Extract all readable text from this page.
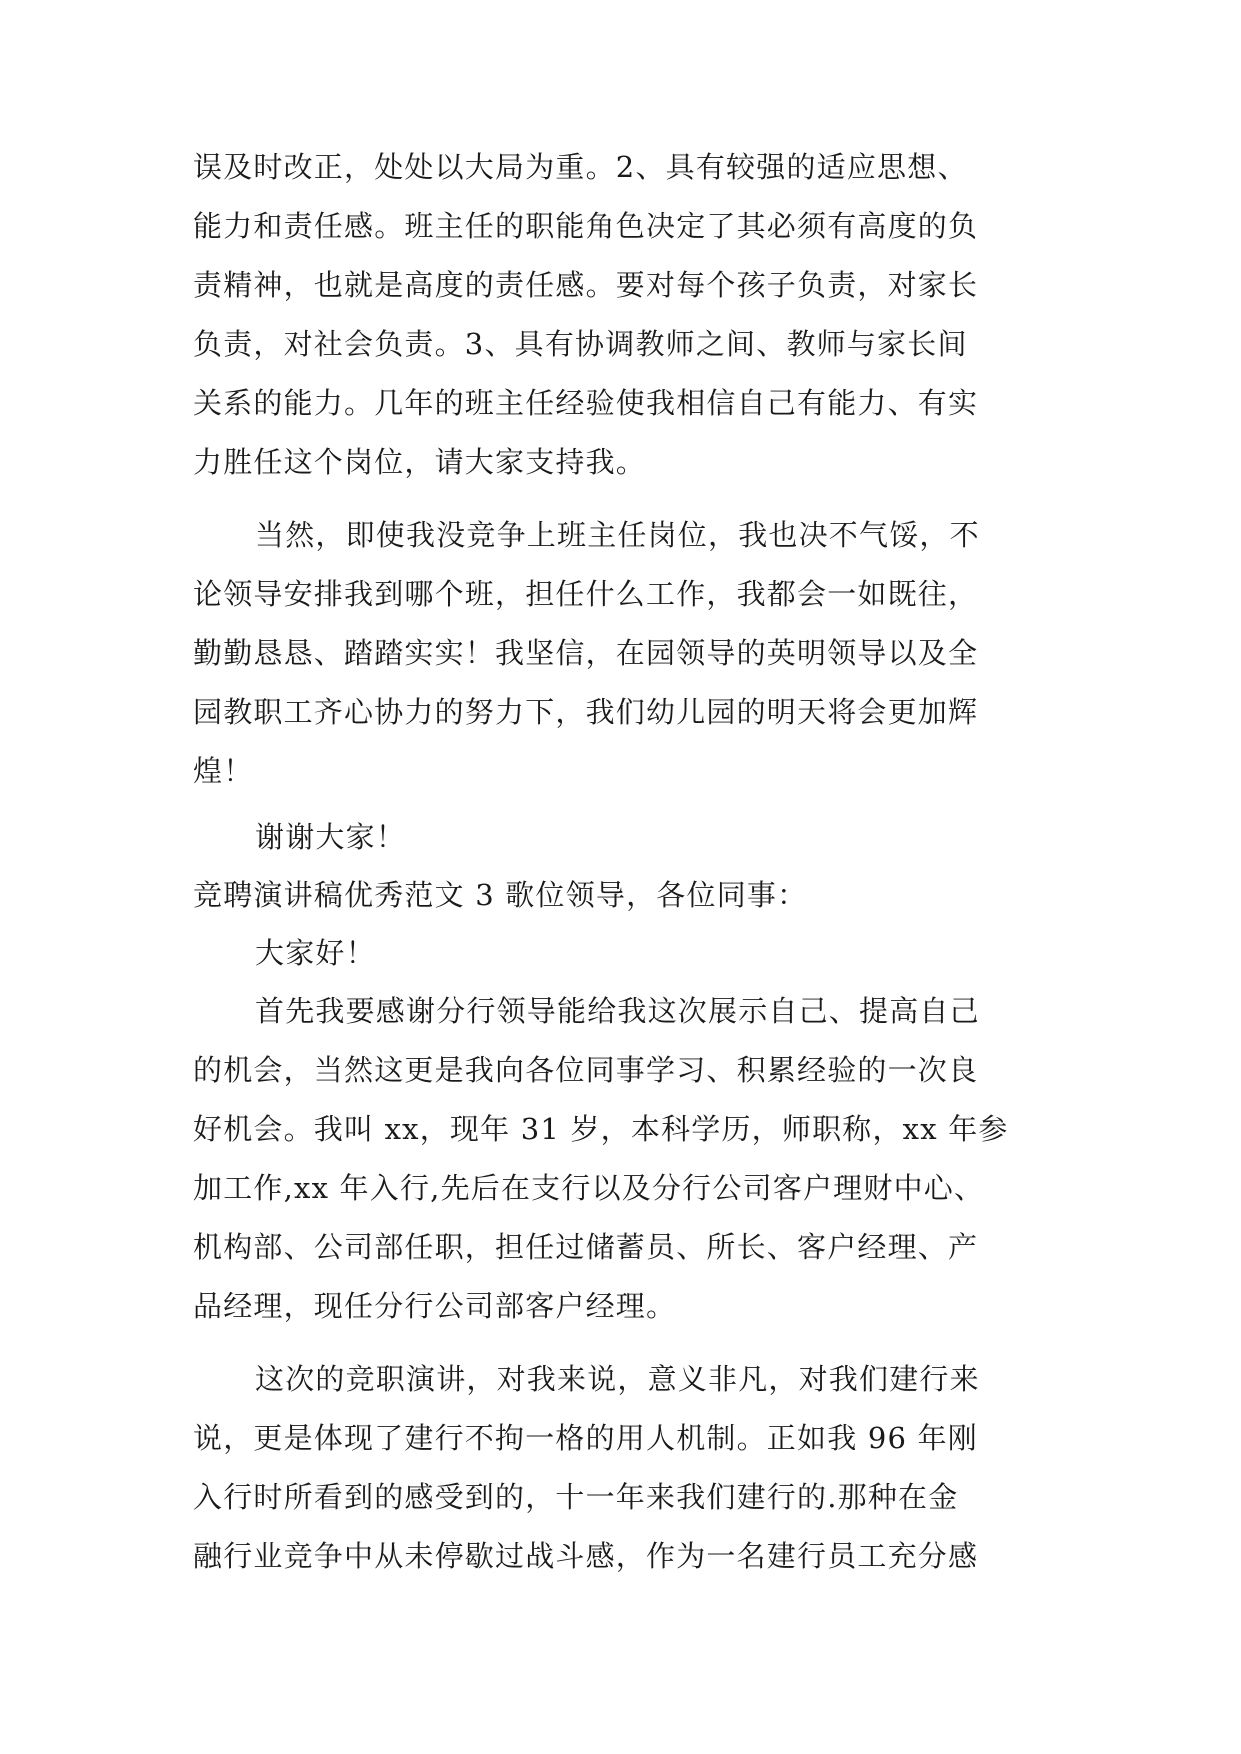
误及时改正，处处以大局为重。2、具有较强的适应思想、
能力和责任感。班主任的职能角色决定了其必须有高度的负
责精神，也就是高度的责任感。要对每个孩子负责，对家长
负责，对社会负责。3、具有协调教师之间、教师与家长间
关系的能力。几年的班主任经验使我相信自己有能力、有实
力胜任这个岗位，请大家支持我。
当然，即使我没竞争上班主任岗位，我也决不气馁，不
论领导安排我到哪个班，担任什么工作，我都会一如既往，
勤勤恳恳、踏踏实实！我坚信，在园领导的英明领导以及全
园教职工齐心协力的努力下，我们幼儿园的明天将会更加辉
煌！
谢谢大家！
竞聘演讲稿优秀范文 3 歌位领导，各位同事：
大家好！
首先我要感谢分行领导能给我这次展示自己、提高自己
的机会，当然这更是我向各位同事学习、积累经验的一次良
好机会。我叫 xx，现年 31 岁，本科学历，师职称，xx 年参
加工作,xx 年入行,先后在支行以及分行公司客户理财中心、
机构部、公司部任职，担任过储蓄员、所长、客户经理、产
品经理，现任分行公司部客户经理。
这次的竞职演讲，对我来说，意义非凡，对我们建行来
说，更是体现了建行不拘一格的用人机制。正如我 96 年刚
入行时所看到的感受到的，十一年来我们建行的.那种在金
融行业竞争中从未停歇过战斗感，作为一名建行员工充分感
